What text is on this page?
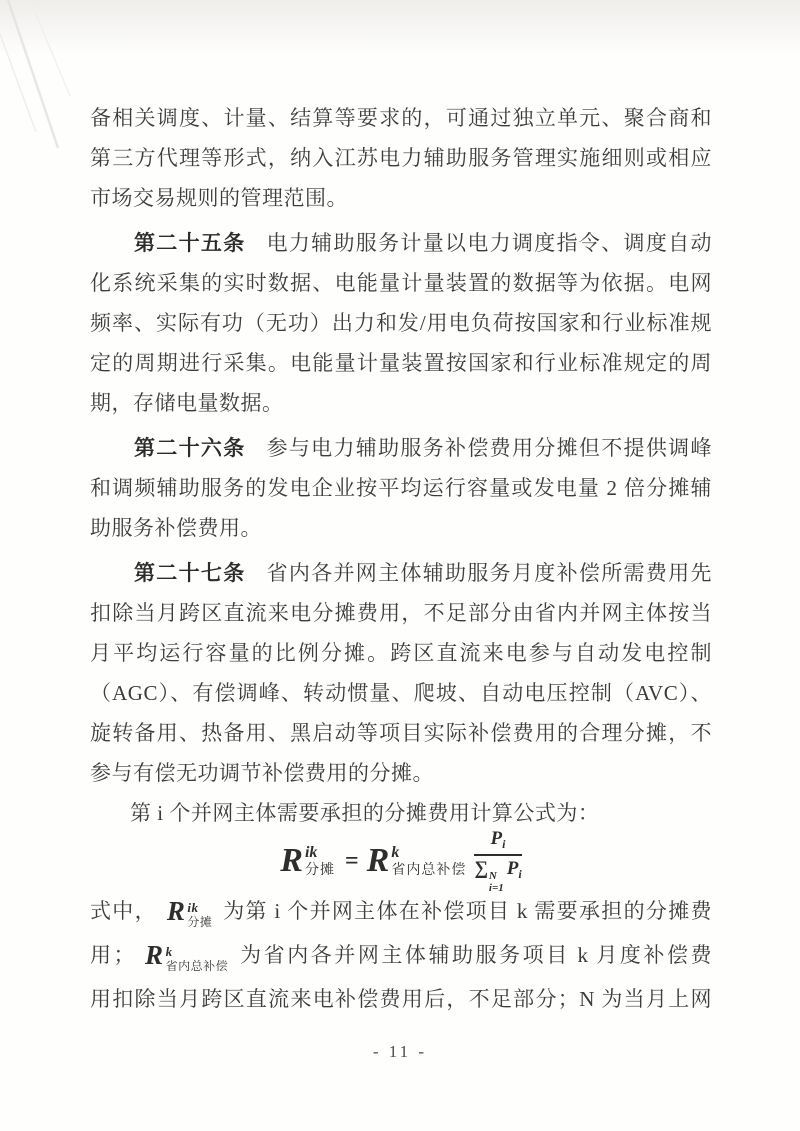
备相关调度、计量、结算等要求的，可通过独立单元、聚合商和
第三方代理等形式，纳入江苏电力辅助服务管理实施细则或相应
市场交易规则的管理范围。
第二十五条 电力辅助服务计量以电力调度指令、调度自动
化系统采集的实时数据、电能量计量装置的数据等为依据。电网
频率、实际有功（无功）出力和发/用电负荷按国家和行业标准规
定的周期进行采集。电能量计量装置按国家和行业标准规定的周
期，存储电量数据。
第二十六条 参与电力辅助服务补偿费用分摊但不提供调峰
和调频辅助服务的发电企业按平均运行容量或发电量 2 倍分摊辅
助服务补偿费用。
第二十七条 省内各并网主体辅助服务月度补偿所需费用先
扣除当月跨区直流来电分摊费用，不足部分由省内并网主体按当
月平均运行容量的比例分摊。跨区直流来电参与自动发电控制
（AGC）、有偿调峰、转动惯量、爬坡、自动电压控制（AVC）、
旋转备用、热备用、黑启动等项目实际补偿费用的合理分摊，不
参与有偿无功调节补偿费用的分摊。
第 i 个并网主体需要承担的分摊费用计算公式为：
R ik
分摊 = R k
省内总补偿 $P_i$
∑ N
i=1
$P_i$
式中， R ik
分摊 为第 i 个并网主体在补偿项目 k 需要承担的分摊费
用； R k
省内总补偿 为省内各并网主体辅助服务项目 k 月度补偿费
用扣除当月跨区直流来电补偿费用后，不足部分；N 为当月上网
- 11 -
